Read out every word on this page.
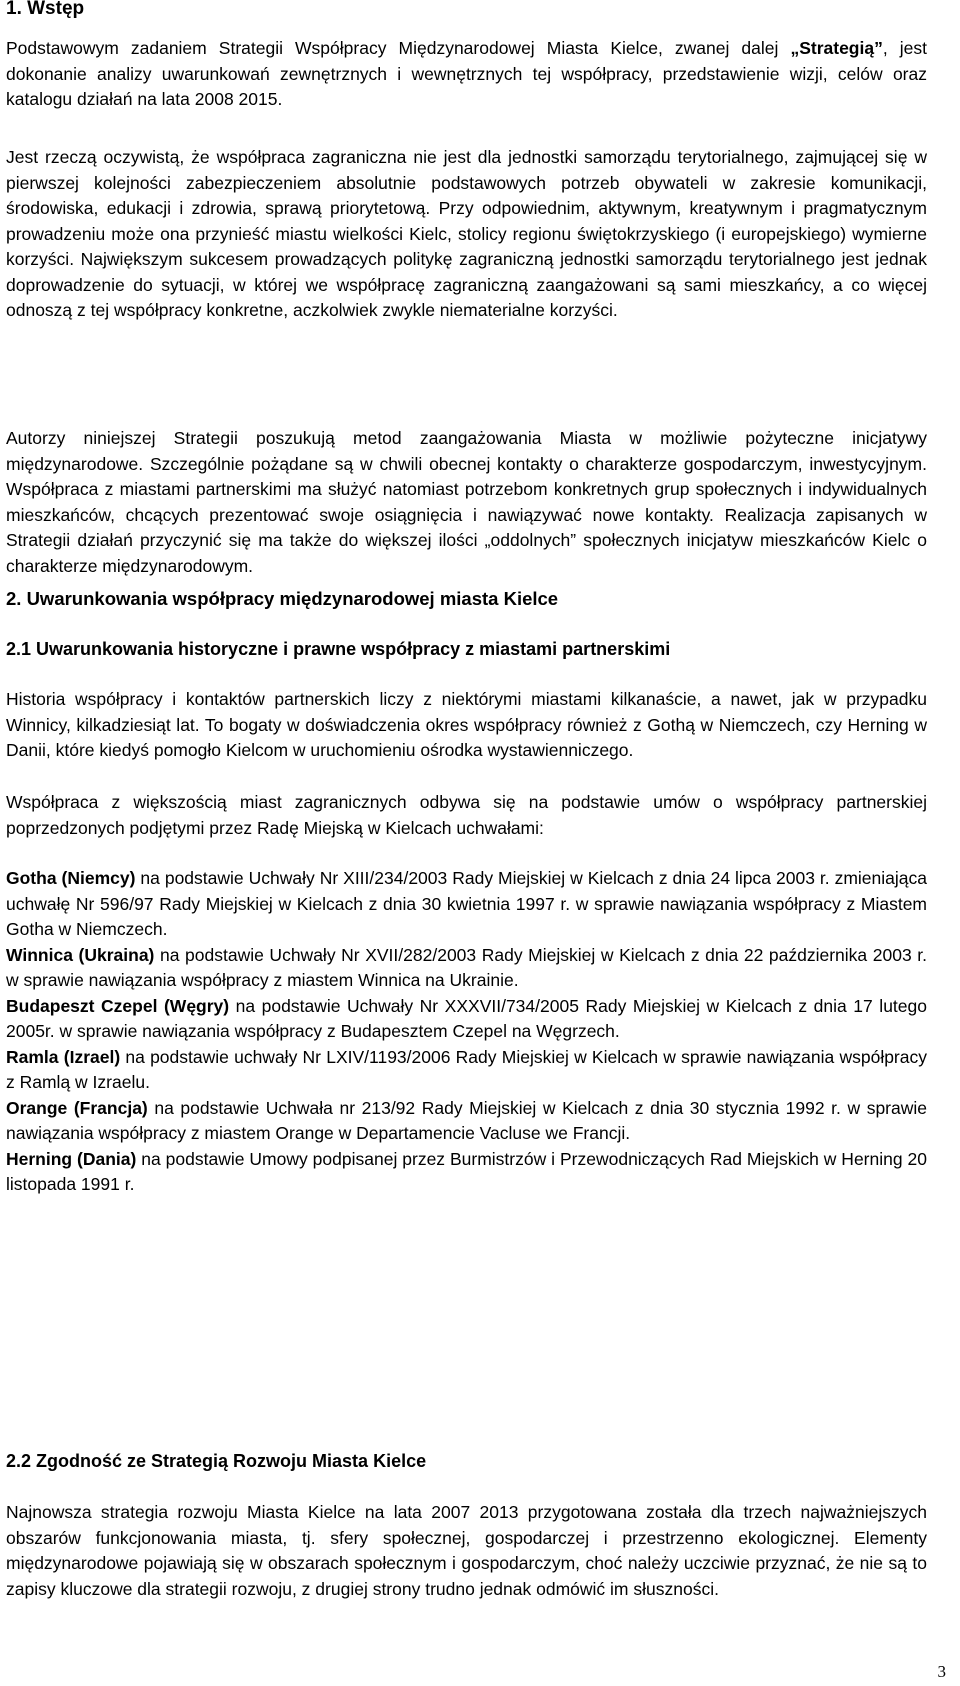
1. Wstęp

Podstawowym zadaniem Strategii Współpracy Międzynarodowej Miasta Kielce, zwanej dalej „Strategią”, jest dokonanie analizy uwarunkowań zewnętrznych i wewnętrznych tej współpracy, przedstawienie wizji, celów oraz katalogu działań na lata 2008 2015.

Jest rzeczą oczywistą, że współpraca zagraniczna nie jest dla jednostki samorządu terytorialnego, zajmującej się w pierwszej kolejności zabezpieczeniem absolutnie podstawowych potrzeb obywateli w zakresie komunikacji, środowiska, edukacji i zdrowia, sprawą priorytetową. Przy odpowiednim, aktywnym, kreatywnym i pragmatycznym prowadzeniu może ona przynieść miastu wielkości Kielc, stolicy regionu świętokrzyskiego (i europejskiego) wymierne korzyści. Największym sukcesem prowadzących politykę zagraniczną jednostki samorządu terytorialnego jest jednak doprowadzenie do sytuacji, w której we współpracę zagraniczną zaangażowani są sami mieszkańcy, a co więcej odnoszą z tej współpracy konkretne, aczkolwiek zwykle niematerialne korzyści.

Autorzy niniejszej Strategii poszukują metod zaangażowania Miasta w możliwie pożyteczne inicjatywy międzynarodowe. Szczególnie pożądane są w chwili obecnej kontakty o charakterze gospodarczym, inwestycyjnym. Współpraca z miastami partnerskimi ma służyć natomiast potrzebom konkretnych grup społecznych i indywidualnych mieszkańców, chcących prezentować swoje osiągnięcia i nawiązywać nowe kontakty. Realizacja zapisanych w Strategii działań przyczynić się ma także do większej ilości „oddolnych” społecznych inicjatyw mieszkańców Kielc o charakterze międzynarodowym.

2. Uwarunkowania współpracy międzynarodowej miasta Kielce
2.1 Uwarunkowania historyczne i prawne współpracy z miastami partnerskimi

Historia współpracy i kontaktów partnerskich liczy z niektórymi miastami kilkanaście, a nawet, jak w przypadku Winnicy, kilkadziesiąt lat. To bogaty w doświadczenia okres współpracy również z Gothą w Niemczech, czy Herning w Danii, które kiedyś pomogło Kielcom w uruchomieniu ośrodka wystawienniczego.

Współpraca z większością miast zagranicznych odbywa się na podstawie umów o współpracy partnerskiej poprzedzonych podjętymi przez Radę Miejską w Kielcach uchwałami:

Gotha (Niemcy) na podstawie Uchwały Nr XIII/234/2003 Rady Miejskiej w Kielcach z dnia 24 lipca 2003 r. zmieniająca uchwałę Nr 596/97 Rady Miejskiej w Kielcach z dnia 30 kwietnia 1997 r. w sprawie nawiązania współpracy z Miastem Gotha w Niemczech.

Winnica (Ukraina) na podstawie Uchwały Nr XVII/282/2003 Rady Miejskiej w Kielcach z dnia 22 października 2003 r. w sprawie nawiązania współpracy z miastem Winnica na Ukrainie.

Budapeszt Czepel (Węgry) na podstawie Uchwały Nr XXXVII/734/2005 Rady Miejskiej w Kielcach z dnia 17 lutego 2005r. w sprawie nawiązania współpracy z Budapesztem Czepel na Węgrzech.

Ramla (Izrael) na podstawie uchwały Nr LXIV/1193/2006 Rady Miejskiej w Kielcach w sprawie nawiązania współpracy z Ramlą w Izraelu.

Orange (Francja) na podstawie Uchwała nr 213/92 Rady Miejskiej w Kielcach z dnia 30 stycznia 1992 r. w sprawie nawiązania współpracy z miastem Orange w Departamencie Vacluse we Francji.

Herning (Dania) na podstawie Umowy podpisanej przez Burmistrzów i Przewodniczących Rad Miejskich w Herning 20 listopada 1991 r.

2.2 Zgodność ze Strategią Rozwoju Miasta Kielce

Najnowsza strategia rozwoju Miasta Kielce na lata 2007 2013 przygotowana została dla trzech najważniejszych obszarów funkcjonowania miasta, tj. sfery społecznej, gospodarczej i przestrzenno ekologicznej. Elementy międzynarodowe pojawiają się w obszarach społecznym i gospodarczym, choć należy uczciwie przyznać, że nie są to zapisy kluczowe dla strategii rozwoju, z drugiej strony trudno jednak odmówić im słuszności.

3
